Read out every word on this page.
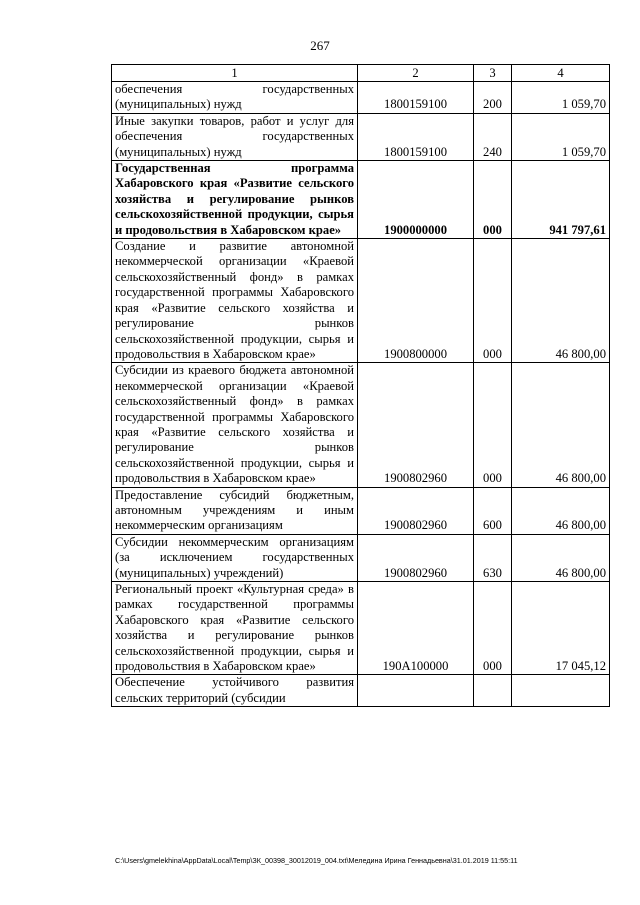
267
1	2	3	4
обеспечения государственных (муниципальных) нужд	1800159100	200	1 059,70
Иные закупки товаров, работ и услуг для обеспечения государственных (муниципальных) нужд	1800159100	240	1 059,70
Государственная программа Хабаровского края «Развитие сельского хозяйства и регулирование рынков сельскохозяйственной продукции, сырья и продовольствия в Хабаровском крае»	1900000000	000	941 797,61
Создание и развитие автономной некоммерческой организации «Краевой сельскохозяйственный фонд» в рамках государственной программы Хабаровского края «Развитие сельского хозяйства и регулирование рынков сельскохозяйственной продукции, сырья и продовольствия в Хабаровском крае»	1900800000	000	46 800,00
Субсидии из краевого бюджета автономной некоммерческой организации «Краевой сельскохозяйственный фонд» в рамках государственной программы Хабаровского края «Развитие сельского хозяйства и регулирование рынков сельскохозяйственной продукции, сырья и продовольствия в Хабаровском крае»	1900802960	000	46 800,00
Предоставление субсидий бюджетным, автономным учреждениям и иным некоммерческим организациям	1900802960	600	46 800,00
Субсидии некоммерческим организациям (за исключением государственных (муниципальных) учреждений)	1900802960	630	46 800,00
Региональный проект «Культурная среда» в рамках государственной программы Хабаровского края «Развитие сельского хозяйства и регулирование рынков сельскохозяйственной продукции, сырья и продовольствия в Хабаровском крае»	190А100000	000	17 045,12
Обеспечение устойчивого развития сельских территорий (субсидии			
C:\Users\gmelekhina\AppData\Local\Temp\ЗК_00398_30012019_004.txt\Меледина Ирина Геннадьевна\31.01.2019 11:55:11
